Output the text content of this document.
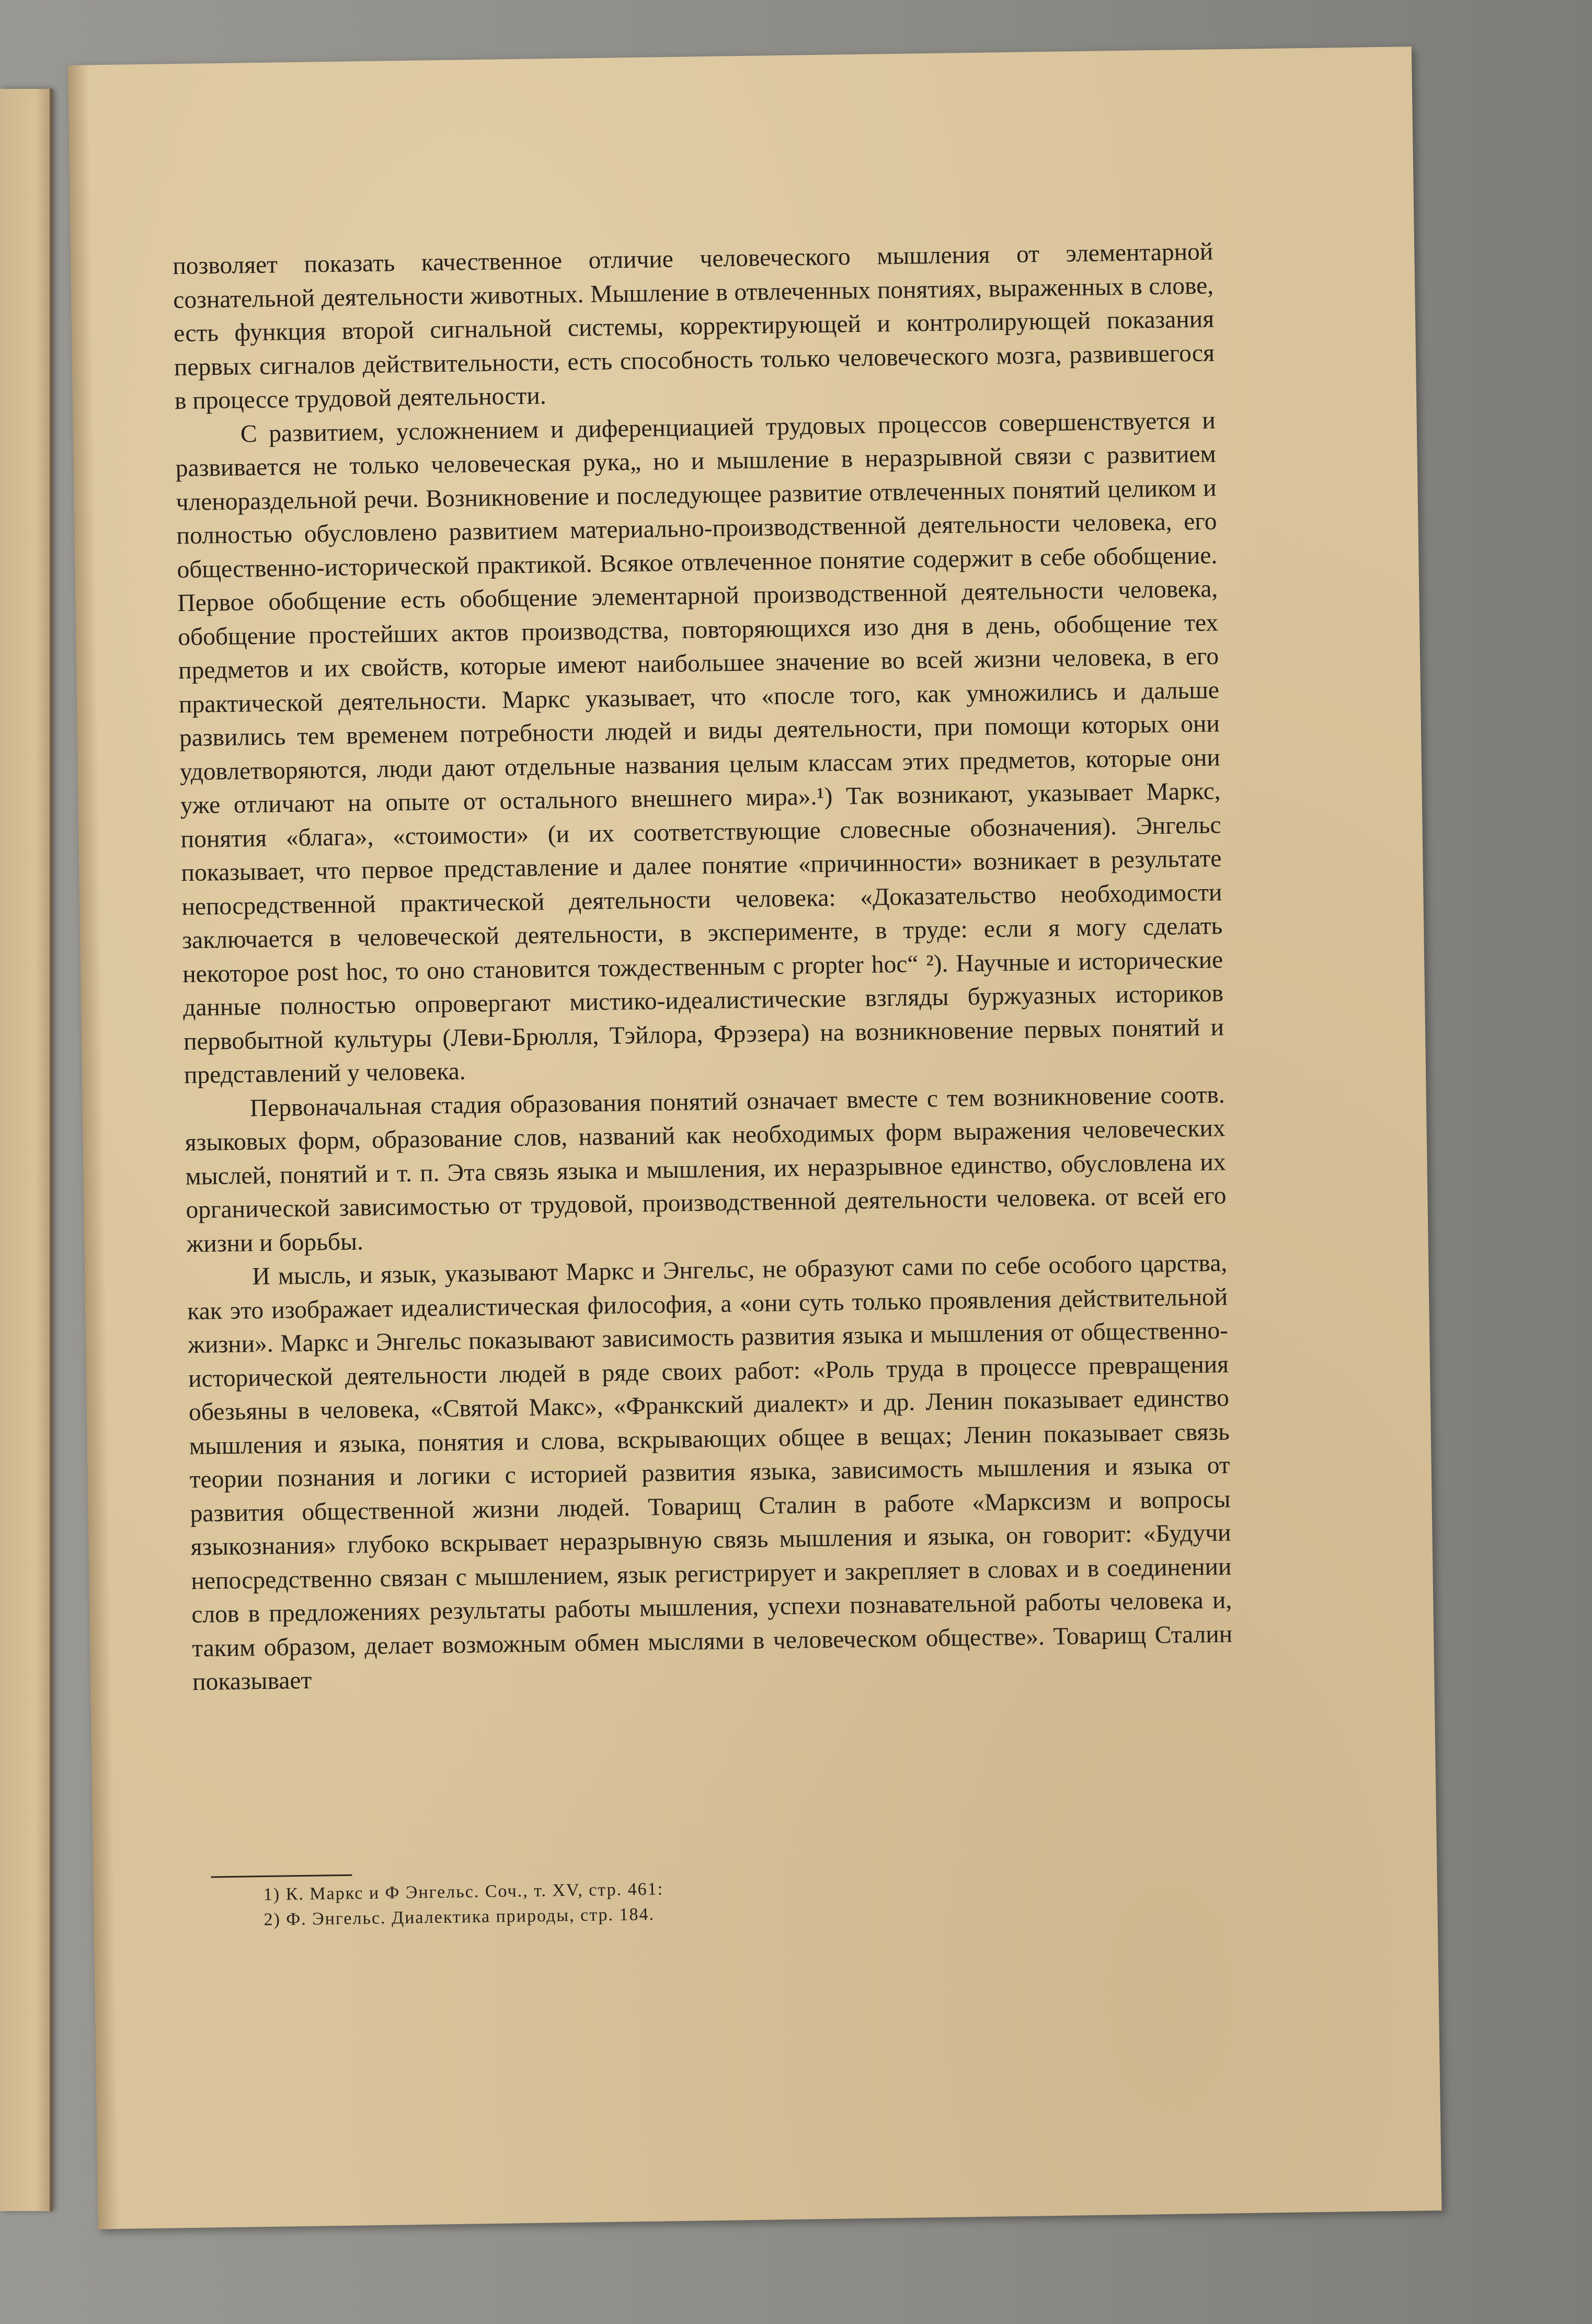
позволяет показать качественное отличие человеческого мышления от элементарной сознательной деятельности животных. Мышление в отвлеченных понятиях, выраженных в слове, есть функция второй сигнальной системы, корректирующей и контролирующей показания первых сигналов действительности, есть способность только человеческого мозга, развившегося в процессе трудовой деятельности.

С развитием, усложнением и диференциацией трудовых процессов совершенствуется и развивается не только человеческая рука„ но и мышление в неразрывной связи с развитием членораздельной речи. Возникновение и последующее развитие отвлеченных понятий целиком и полностью обусловлено развитием материально-производственной деятельности человека, его общественно-исторической практикой. Всякое отвлеченное понятие содержит в себе обобщение. Первое обобщение есть обобщение элементарной производственной деятельности человека, обобщение простейших актов производства, повторяющихся изо дня в день, обобщение тех предметов и их свойств, которые имеют наибольшее значение во всей жизни человека, в его практической деятельности. Маркс указывает, что «после того, как умножились и дальше развились тем временем потребности людей и виды деятельности, при помощи которых они удовлетворяются, люди дают отдельные названия целым классам этих предметов, которые они уже отличают на опыте от остального внешнего мира».¹) Так возникают, указывает Маркс, понятия «блага», «стоимости» (и их соответствующие словесные обозначения). Энгельс показывает, что первое представление и далее понятие «причинности» возникает в результате непосредственной практической деятельности человека: «Доказательство необходимости заключается в человеческой деятельности, в эксперименте, в труде: если я могу сделать некоторое post hoc, то оно становится тождественным с propter hoc“ ²). Научные и исторические данные полностью опровергают мистико-идеалистические взгляды буржуазных историков первобытной культуры (Леви-Брюлля, Тэйлора, Фрэзера) на возникновение первых понятий и представлений у человека.

Первоначальная стадия образования понятий означает вместе с тем возникновение соотв. языковых форм, образование слов, названий как необходимых форм выражения человеческих мыслей, понятий и т. п. Эта связь языка и мышления, их неразрывное единство, обусловлена их органической зависимостью от трудовой, производственной деятельности человека. от всей его жизни и борьбы.

И мысль, и язык, указывают Маркс и Энгельс, не образуют сами по себе особого царства, как это изображает идеалистическая философия, а «они суть только проявления действительной жизни». Маркс и Энгельс показывают зависимость развития языка и мышления от общественно-исторической деятельности людей в ряде своих работ: «Роль труда в процессе превращения обезьяны в человека, «Святой Макс», «Франкский диалект» и др. Ленин показывает единство мышления и языка, понятия и слова, вскрывающих общее в вещах; Ленин показывает связь теории познания и логики с историей развития языка, зависимость мышления и языка от развития общественной жизни людей. Товарищ Сталин в работе «Марксизм и вопросы языкознания» глубоко вскрывает неразрывную связь мышления и языка, он говорит: «Будучи непосредственно связан с мышлением, язык регистрирует и закрепляет в словах и в соединении слов в предложениях результаты работы мышления, успехи познавательной работы человека и, таким образом, делает возможным обмен мыслями в человеческом обществе». Товарищ Сталин показывает

1) К. Маркс и Ф Энгельс. Соч., т. XV, стр. 461:
2) Ф. Энгельс. Диалектика природы, стр. 184.
